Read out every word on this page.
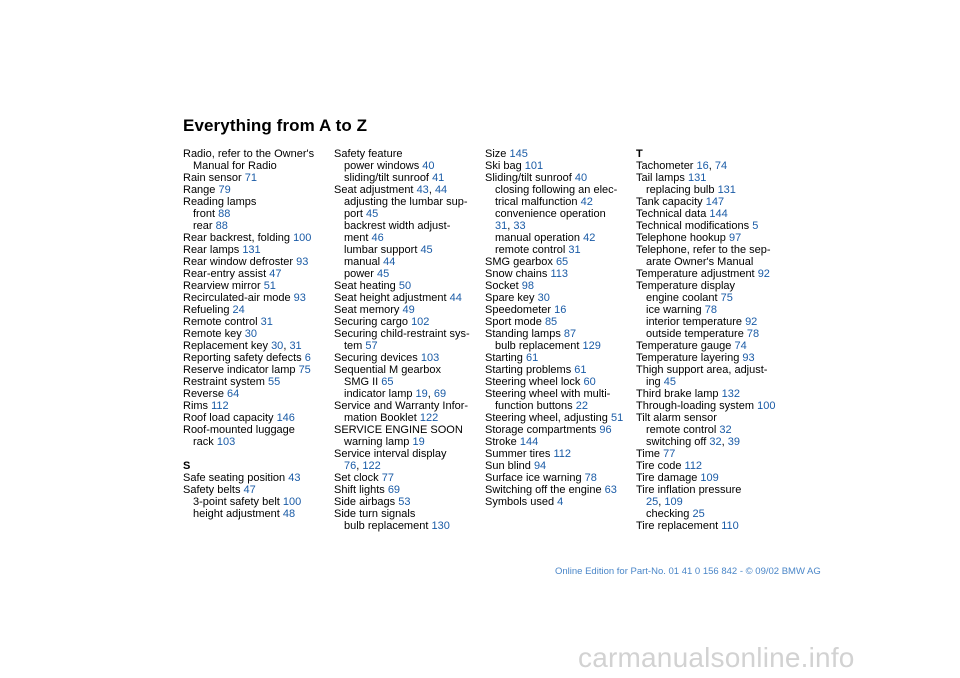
Everything from A to Z
Radio, refer to the Owner's
Manual for Radio
Rain sensor 71
Range 79
Reading lamps
front 88
rear 88
Rear backrest, folding 100
Rear lamps 131
Rear window defroster 93
Rear-entry assist 47
Rearview mirror 51
Recirculated-air mode 93
Refueling 24
Remote control 31
Remote key 30
Replacement key 30, 31
Reporting safety defects 6
Reserve indicator lamp 75
Restraint system 55
Reverse 64
Rims 112
Roof load capacity 146
Roof-mounted luggage
rack 103
S
Safe seating position 43
Safety belts 47
3-point safety belt 100
height adjustment 48
Safety feature
power windows 40
sliding/tilt sunroof 41
Seat adjustment 43, 44
adjusting the lumbar sup-
port 45
backrest width adjust-
ment 46
lumbar support 45
manual 44
power 45
Seat heating 50
Seat height adjustment 44
Seat memory 49
Securing cargo 102
Securing child-restraint sys-
tem 57
Securing devices 103
Sequential M gearbox
SMG II 65
indicator lamp 19, 69
Service and Warranty Infor-
mation Booklet 122
SERVICE ENGINE SOON
warning lamp 19
Service interval display
76, 122
Set clock 77
Shift lights 69
Side airbags 53
Side turn signals
bulb replacement 130
Size 145
Ski bag 101
Sliding/tilt sunroof 40
closing following an elec-
trical malfunction 42
convenience operation
31, 33
manual operation 42
remote control 31
SMG gearbox 65
Snow chains 113
Socket 98
Spare key 30
Speedometer 16
Sport mode 85
Standing lamps 87
bulb replacement 129
Starting 61
Starting problems 61
Steering wheel lock 60
Steering wheel with multi-
function buttons 22
Steering wheel, adjusting 51
Storage compartments 96
Stroke 144
Summer tires 112
Sun blind 94
Surface ice warning 78
Switching off the engine 63
Symbols used 4
T
Tachometer 16, 74
Tail lamps 131
replacing bulb 131
Tank capacity 147
Technical data 144
Technical modifications 5
Telephone hookup 97
Telephone, refer to the sep-
arate Owner's Manual
Temperature adjustment 92
Temperature display
engine coolant 75
ice warning 78
interior temperature 92
outside temperature 78
Temperature gauge 74
Temperature layering 93
Thigh support area, adjust-
ing 45
Third brake lamp 132
Through-loading system 100
Tilt alarm sensor
remote control 32
switching off 32, 39
Time 77
Tire code 112
Tire damage 109
Tire inflation pressure
25, 109
checking 25
Tire replacement 110
Online Edition for Part-No. 01 41 0 156 842 - © 09/02 BMW AG
carmanualsonline.info
